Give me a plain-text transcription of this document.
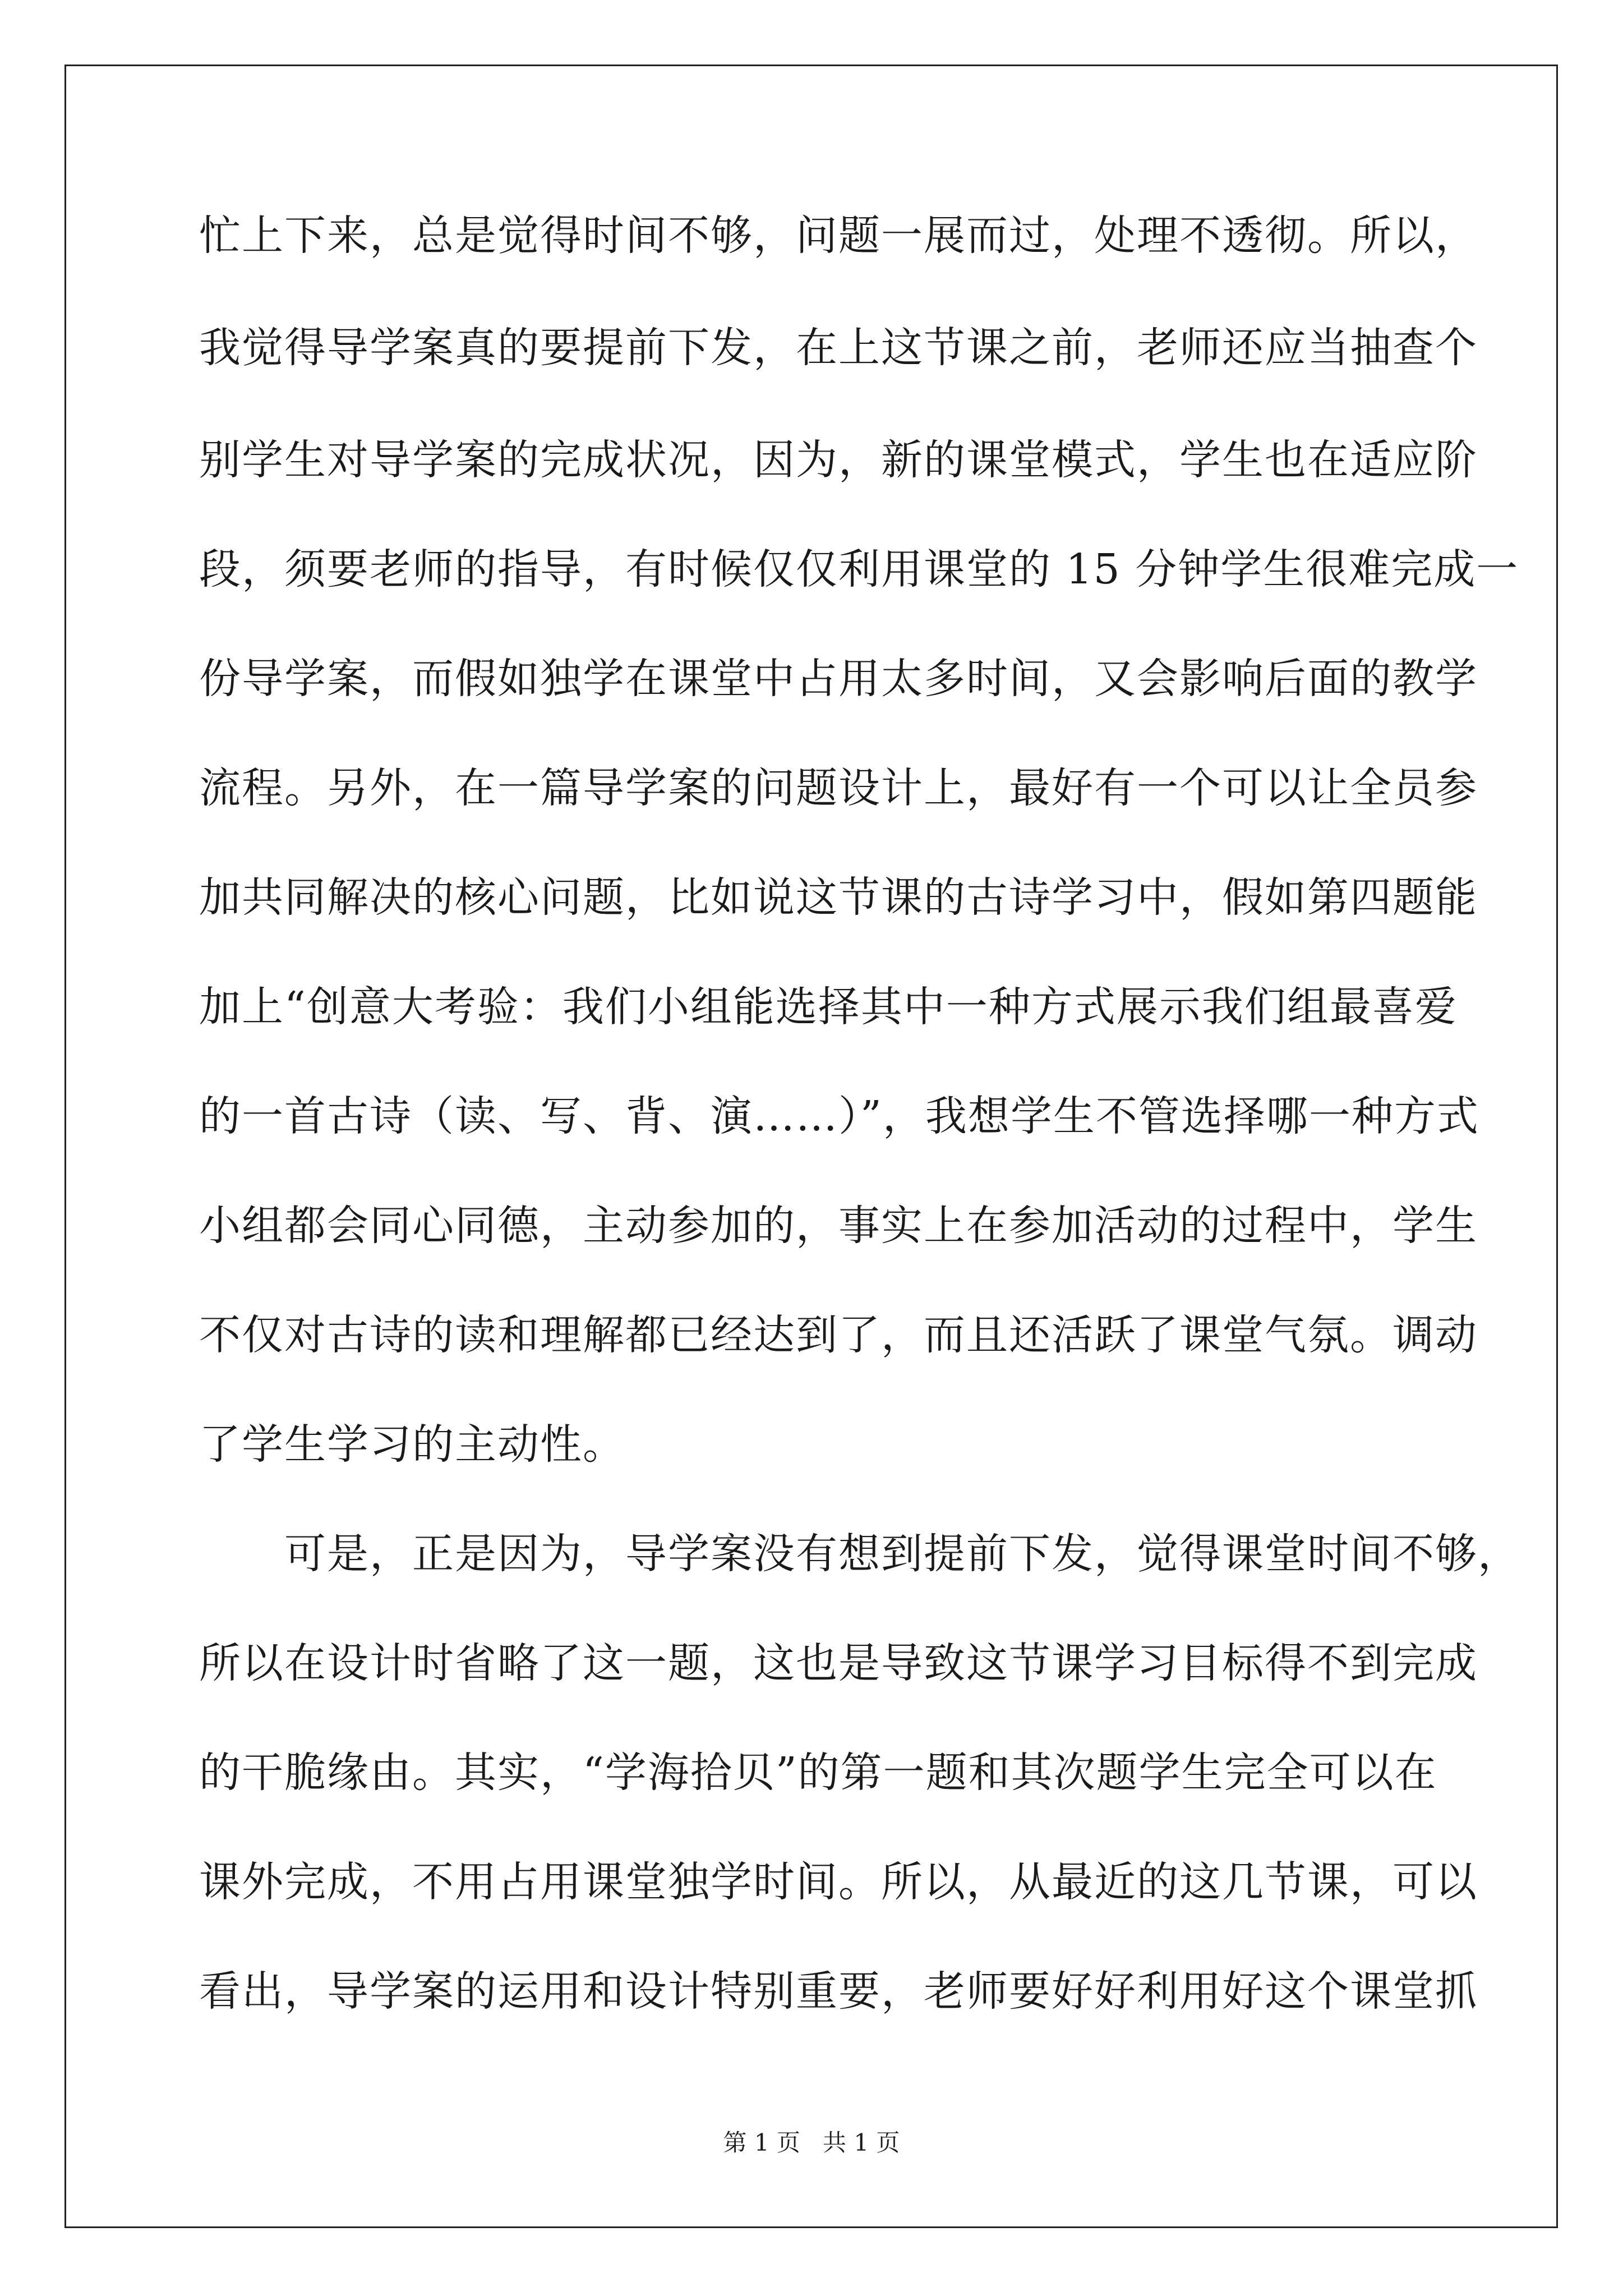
忙上下来，总是觉得时间不够，问题一展而过，处理不透彻。所以，
我觉得导学案真的要提前下发，在上这节课之前，老师还应当抽查个
别学生对导学案的完成状况，因为，新的课堂模式，学生也在适应阶
段，须要老师的指导，有时候仅仅利用课堂的 15 分钟学生很难完成一
份导学案，而假如独学在课堂中占用太多时间，又会影响后面的教学
流程。另外，在一篇导学案的问题设计上，最好有一个可以让全员参
加共同解决的核心问题，比如说这节课的古诗学习中，假如第四题能
加上“创意大考验：我们小组能选择其中一种方式展示我们组最喜爱
的一首古诗（读、写、背、演……）”，我想学生不管选择哪一种方式
小组都会同心同德，主动参加的，事实上在参加活动的过程中，学生
不仅对古诗的读和理解都已经达到了，而且还活跃了课堂气氛。调动
了学生学习的主动性。
　　可是，正是因为，导学案没有想到提前下发，觉得课堂时间不够，
所以在设计时省略了这一题，这也是导致这节课学习目标得不到完成
的干脆缘由。其实，“学海拾贝”的第一题和其次题学生完全可以在
课外完成，不用占用课堂独学时间。所以，从最近的这几节课，可以
看出，导学案的运用和设计特别重要，老师要好好利用好这个课堂抓
第 1 页 共 1 页
